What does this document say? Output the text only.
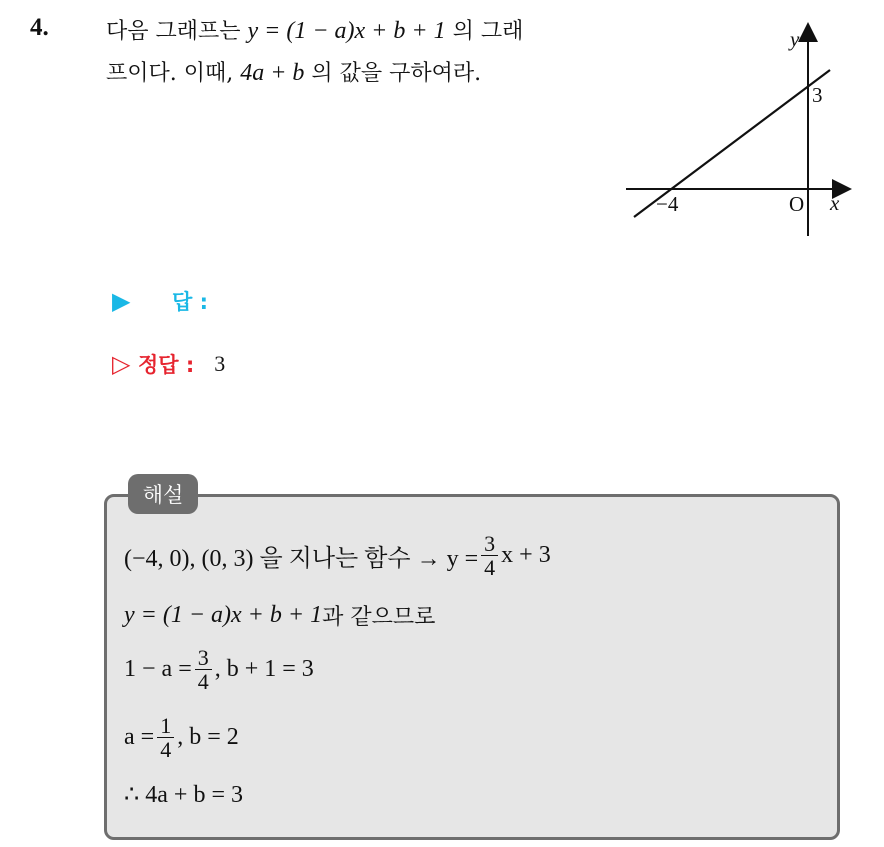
4.	다음 그래프는 y = (1 − a)x + b + 1 의 그래
프이다. 이때, 4a + b 의 값을 구하여라.
y
x
O
−4
3
▶	답 :
▷ 정답 : 3
해설
(−4, 0), (0, 3) 을 지나는 함수 → $y = \frac{3}{4}$ x + 3
y = (1 − a)x + b + 1 과 같으므로
$1 - a = \frac{3}{4}$ , b + 1 = 3
$a = \frac{1}{4}$ , b = 2
∴ 4a + b = 3
